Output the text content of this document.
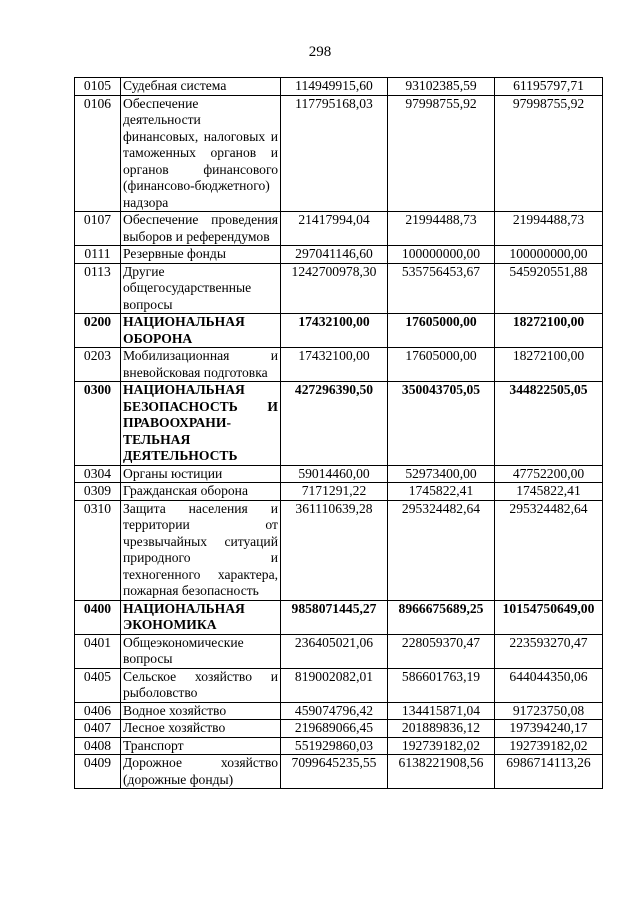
298
0105	Судебная система	114949915,60	93102385,59	61195797,71
0106	Обеспечение деятельности финансовых, налоговых и таможенных органов и органов финансового (финансово-бюджетного) надзора	117795168,03	97998755,92	97998755,92
0107	Обеспечение проведения выборов и референдумов	21417994,04	21994488,73	21994488,73
0111	Резервные фонды	297041146,60	100000000,00	100000000,00
0113	Другие общегосударственные вопросы	1242700978,30	535756453,67	545920551,88
0200	НАЦИОНАЛЬНАЯ ОБОРОНА	17432100,00	17605000,00	18272100,00
0203	Мобилизационная и вневойсковая подготовка	17432100,00	17605000,00	18272100,00
0300	НАЦИОНАЛЬНАЯ БЕЗОПАСНОСТЬ И ПРАВООХРАНИ-ТЕЛЬНАЯ ДЕЯТЕЛЬНОСТЬ	427296390,50	350043705,05	344822505,05
0304	Органы юстиции	59014460,00	52973400,00	47752200,00
0309	Гражданская оборона	7171291,22	1745822,41	1745822,41
0310	Защита населения и территории от чрезвычайных ситуаций природного и техногенного характера, пожарная безопасность	361110639,28	295324482,64	295324482,64
0400	НАЦИОНАЛЬНАЯ ЭКОНОМИКА	9858071445,27	8966675689,25	10154750649,00
0401	Общеэкономические вопросы	236405021,06	228059370,47	223593270,47
0405	Сельское хозяйство и рыболовство	819002082,01	586601763,19	644044350,06
0406	Водное хозяйство	459074796,42	134415871,04	91723750,08
0407	Лесное хозяйство	219689066,45	201889836,12	197394240,17
0408	Транспорт	551929860,03	192739182,02	192739182,02
0409	Дорожное хозяйство (дорожные фонды)	7099645235,55	6138221908,56	6986714113,26
